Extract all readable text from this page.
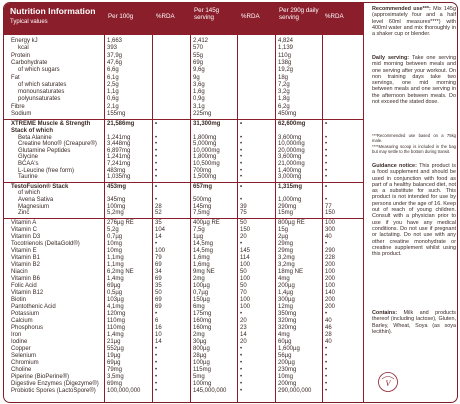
Nutrition Information
Typical values
Per 100g	%RDA
Per 145g serving	%RDA
Per 290g daily serving	%RDA
Energy kJ	1,663	2,412	4,824
kcal	393	570	1,139
Protein	37,9g	55g	110g
Carbohydrate	47,6g	69g	138g
of which sugars	6,6g	9,6g	19,2g
Fat	6,1g	9g	18g
of which saturates	2,5g	3,6g	7,2g
monounsaturates	1,1g	1,6g	3,2g
polyunsaturates	0,6g	0,9g	1,8g
Fibre	2,1g	3,1g	6,2g
Sodium	155mg	225mg	450mg
XTREME Muscle & Strength	21,586mg	•	31,300mg	•	62,600mg	•
Stack of which
Beta Alanine	1,241mg	•	1,800mg	•	3,600mg	•
Creatine Mono® (Creapure®) 3,448mg	•	5,000mg	•	10,000mg	•
Glutamine Peptides	6,897mg	•	10,000mg	•	20,000mg	•
Glycine	1,241mg	•	1,800mg	•	3,600mg	•
BCAA's	7,241mg	•	10,500mg	•	21,000mg	•
L-Leucine (free form)	483mg	•	700mg	•	1,400mg	•
Taurine	1,035mg	•	1,500mg	•	3,000mg	•
TestoFusion® Stack	453mg	•	657mg	•	1,315mg	•
of which
Avena Sativa	345mg	•	500mg	•	1,000mg	•
Magnesium	100mg	28	145mg	39	290mg	77
Zinc	5,2mg	52	7,5mg	75	15mg	150
Vitamin A	276µg RE	35	400µg RE	50	800µg RE	100
Vitamin C	5,2g	104	7,5g	150	15g	300
Vitamin D3	0,7µg	14	1µg	20	2µg	40
Tocotrienols (DeltaGold®)	10mg	•	14,5mg	•	29mg	•
Vitamin E	10mg	100	14,5mg	145	29mg	290
Vitamin B1	1,1mg	79	1,6mg	114	3,2mg	228
Vitamin B2	1,1mg	69	1,6mg	100	3,2mg	200
Niacin	6,2mg NE	34	9mg NE	50	18mg NE	100
Vitamin B6	1,4mg	69	2mg	100	4mg	200
Folic Acid	69µg	35	100µg	50	200µg	100
Vitamin B12	0,5µg	50	0,7µg	70	1,4µg	140
Biotin	103µg	69	150µg	100	300µg	200
Pantothenic Acid	4,1mg	69	6mg	100	12mg	200
Potassium	120mg	•	175mg	•	350mg	•
Calcium	110mg	6	160mg	20	320mg	40
Phosphorus	110mg	16	160mg	23	320mg	46
Iron	1,4mg	10	2mg	14	4mg	28
Iodine	21µg	14	30µg	20	60µg	40
Copper	552µg	•	800µg	•	1,600µg	•
Selenium	19µg	•	28µg	•	56µg	•
Chromium	69µg	•	100µg	•	200µg	•
Choline	79mg	•	115mg	•	230mg	•
Piperine (BioPerine®)	3,5mg	•	5mg	•	10mg	•
Digestive Enzymes (Digezyme®) 69mg	•	100mg	•	200mg	•
Probiotic Spores (LactoSpore®) 100,000,000 •	145,000,000 •	290,000,000 •

Recommended use***: Mix 145g (approximately four and a half level 60ml measures****) with 400ml water and mix thoroughly in a shaker cup or blender.

Daily serving: Take one serving mid morning between meals and one serving after your workout. On non training days take two servings, one mid morning between meals and one serving in the afternoon between meals. Do not exceed the stated dose.

***Recommended use based on a 75kg male.

****Measuring scoop is included in the bag but may settle to the bottom during transit.

Guidance notice: This product is a food supplement and should be used in conjunction with food as part of a healthy balanced diet, not as a substitute for such. This product is not intended for use by persons under the age of 16. Keep out of reach of young children. Consult with a physician prior to use if you have any medical conditions. Do not use if pregnant or lactating. Do not use with any other creatine monohydrate or creatine supplement whilst using this product.

Contains: Milk and products thereof (including lactose), Gluten, Barley, Wheat, Soya (as soya lecithin).

V
